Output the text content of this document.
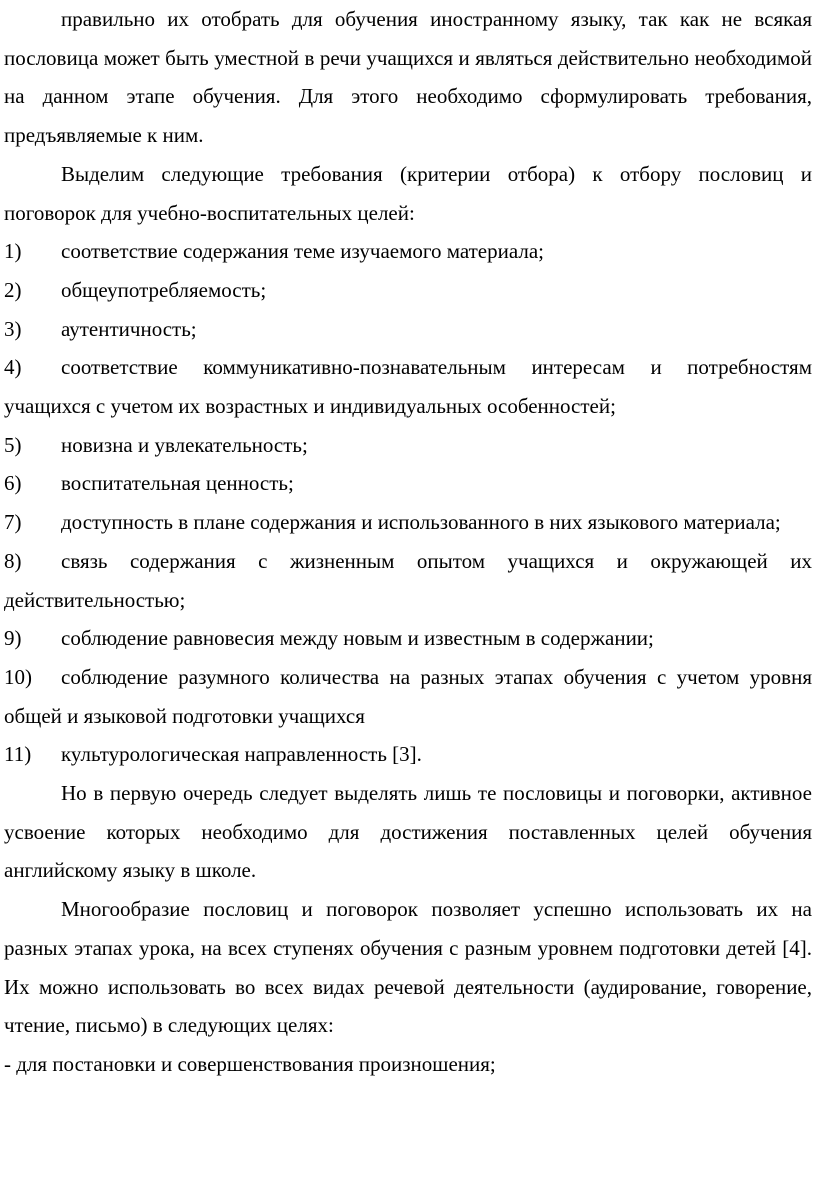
правильно их отобрать для обучения иностранному языку, так как не всякая пословица может быть уместной в речи учащихся и являться действительно необходимой на данном этапе обучения. Для этого необходимо сформулировать требования, предъявляемые к ним.

Выделим следующие требования (критерии отбора) к отбору пословиц и поговорок для учебно-воспитательных целей:

1) соответствие содержания теме изучаемого материала;

2) общеупотребляемость;

3) аутентичность;

4) соответствие коммуникативно-познавательным интересам и потребностям учащихся с учетом их возрастных и индивидуальных особенностей;

5) новизна и увлекательность;

6) воспитательная ценность;

7) доступность в плане содержания и использованного в них языкового материала;

8) связь содержания с жизненным опытом учащихся и окружающей их действительностью;

9) соблюдение равновесия между новым и известным в содержании;

10) соблюдение разумного количества на разных этапах обучения с учетом уровня общей и языковой подготовки учащихся

11) культурологическая направленность [3].

Но в первую очередь следует выделять лишь те пословицы и поговорки, активное усвоение которых необходимо для достижения поставленных целей обучения английскому языку в школе.

Многообразие пословиц и поговорок позволяет успешно использовать их на разных этапах урока, на всех ступенях обучения с разным уровнем подготовки детей [4]. Их можно использовать во всех видах речевой деятельности (аудирование, говорение, чтение, письмо) в следующих целях:

- для постановки и совершенствования произношения;
